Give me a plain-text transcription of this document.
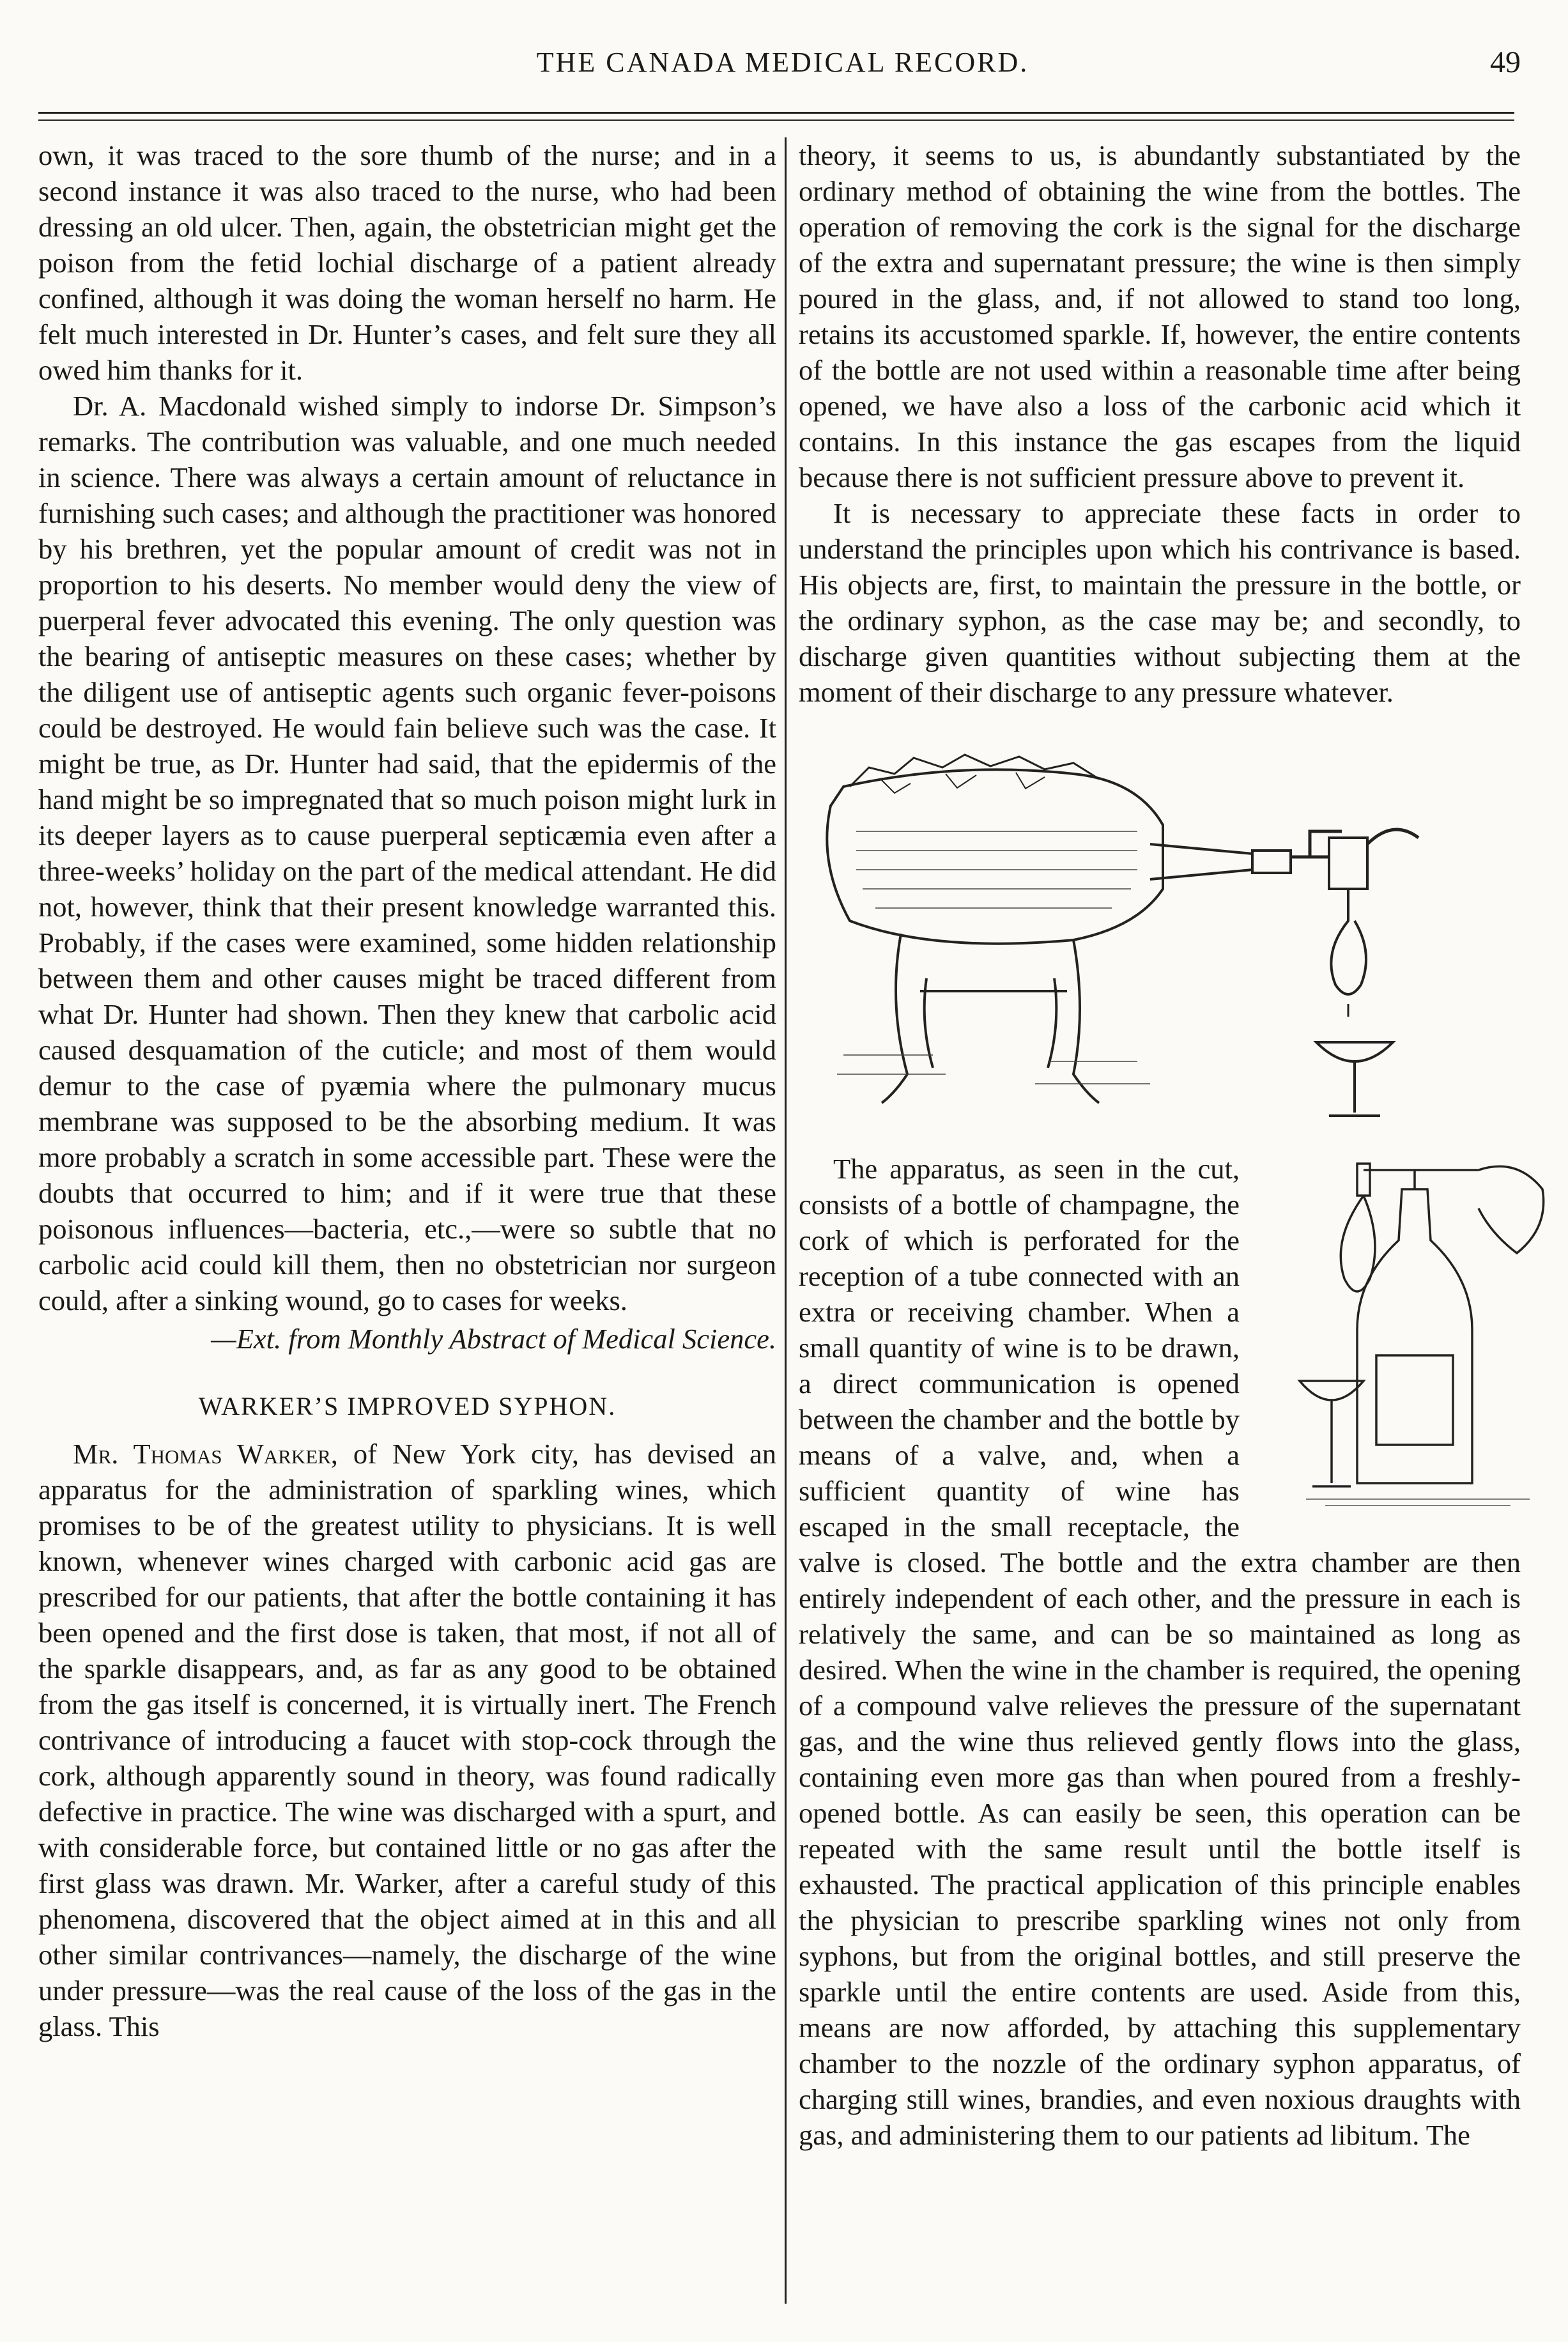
THE CANADA MEDICAL RECORD.	49

own, it was traced to the sore thumb of the nurse; and in a second instance it was also traced to the nurse, who had been dressing an old ulcer. Then, again, the obstetrician might get the poison from the fetid lochial discharge of a patient already confined, although it was doing the woman herself no harm. He felt much interested in Dr. Hunter’s cases, and felt sure they all owed him thanks for it.

Dr. A. Macdonald wished simply to indorse Dr. Simpson’s remarks. The contribution was valuable, and one much needed in science. There was always a certain amount of reluctance in furnishing such cases; and although the practitioner was honored by his brethren, yet the popular amount of credit was not in proportion to his deserts. No member would deny the view of puerperal fever advocated this evening. The only question was the bearing of antiseptic measures on these cases; whether by the diligent use of antiseptic agents such organic fever-poisons could be destroyed. He would fain believe such was the case. It might be true, as Dr. Hunter had said, that the epidermis of the hand might be so impregnated that so much poison might lurk in its deeper layers as to cause puerperal septicæmia even after a three-weeks’ holiday on the part of the medical attendant. He did not, however, think that their present knowledge warranted this. Probably, if the cases were examined, some hidden relationship between them and other causes might be traced different from what Dr. Hunter had shown. Then they knew that carbolic acid caused desquamation of the cuticle; and most of them would demur to the case of pyæmia where the pulmonary mucus membrane was supposed to be the absorbing medium. It was more probably a scratch in some accessible part. These were the doubts that occurred to him; and if it were true that these poisonous influences—bacteria, etc.,—were so subtle that no carbolic acid could kill them, then no obstetrician nor surgeon could, after a sinking wound, go to cases for weeks.

—Ext. from Monthly Abstract of Medical Science.
WARKER’S IMPROVED SYPHON.

Mr. Thomas Warker, of New York city, has devised an apparatus for the administration of sparkling wines, which promises to be of the greatest utility to physicians. It is well known, whenever wines charged with carbonic acid gas are prescribed for our patients, that after the bottle containing it has been opened and the first dose is taken, that most, if not all of the sparkle disappears, and, as far as any good to be obtained from the gas itself is concerned, it is virtually inert. The French contrivance of introducing a faucet with stop-cock through the cork, although apparently sound in theory, was found radically defective in practice. The wine was discharged with a spurt, and with considerable force, but contained little or no gas after the first glass was drawn. Mr. Warker, after a careful study of this phenomena, discovered that the object aimed at in this and all other similar contrivances—namely, the discharge of the wine under pressure—was the real cause of the loss of the gas in the glass. This

theory, it seems to us, is abundantly substantiated by the ordinary method of obtaining the wine from the bottles. The operation of removing the cork is the signal for the discharge of the extra and supernatant pressure; the wine is then simply poured in the glass, and, if not allowed to stand too long, retains its accustomed sparkle. If, however, the entire contents of the bottle are not used within a reasonable time after being opened, we have also a loss of the carbonic acid which it contains. In this instance the gas escapes from the liquid because there is not sufficient pressure above to prevent it.

It is necessary to appreciate these facts in order to understand the principles upon which his contrivance is based. His objects are, first, to maintain the pressure in the bottle, or the ordinary syphon, as the case may be; and secondly, to discharge given quantities without subjecting them at the moment of their discharge to any pressure whatever.

The apparatus, as seen in the cut, consists of a bottle of champagne, the cork of which is perforated for the reception of a tube connected with an extra or receiving chamber. When a small quantity of wine is to be drawn, a direct communication is opened between the chamber and the bottle by means of a valve, and, when a sufficient quantity of wine has escaped in the small receptacle, the valve is closed. The bottle and the extra chamber are then entirely independent of each other, and the pressure in each is relatively the same, and can be so maintained as long as desired. When the wine in the chamber is required, the opening of a compound valve relieves the pressure of the supernatant gas, and the wine thus relieved gently flows into the glass, containing even more gas than when poured from a freshly-opened bottle. As can easily be seen, this operation can be repeated with the same result until the bottle itself is exhausted. The practical application of this principle enables the physician to prescribe sparkling wines not only from syphons, but from the original bottles, and still preserve the sparkle until the entire contents are used. Aside from this, means are now afforded, by attaching this supplementary chamber to the nozzle of the ordinary syphon apparatus, of charging still wines, brandies, and even noxious draughts with gas, and administering them to our patients ad libitum. The
